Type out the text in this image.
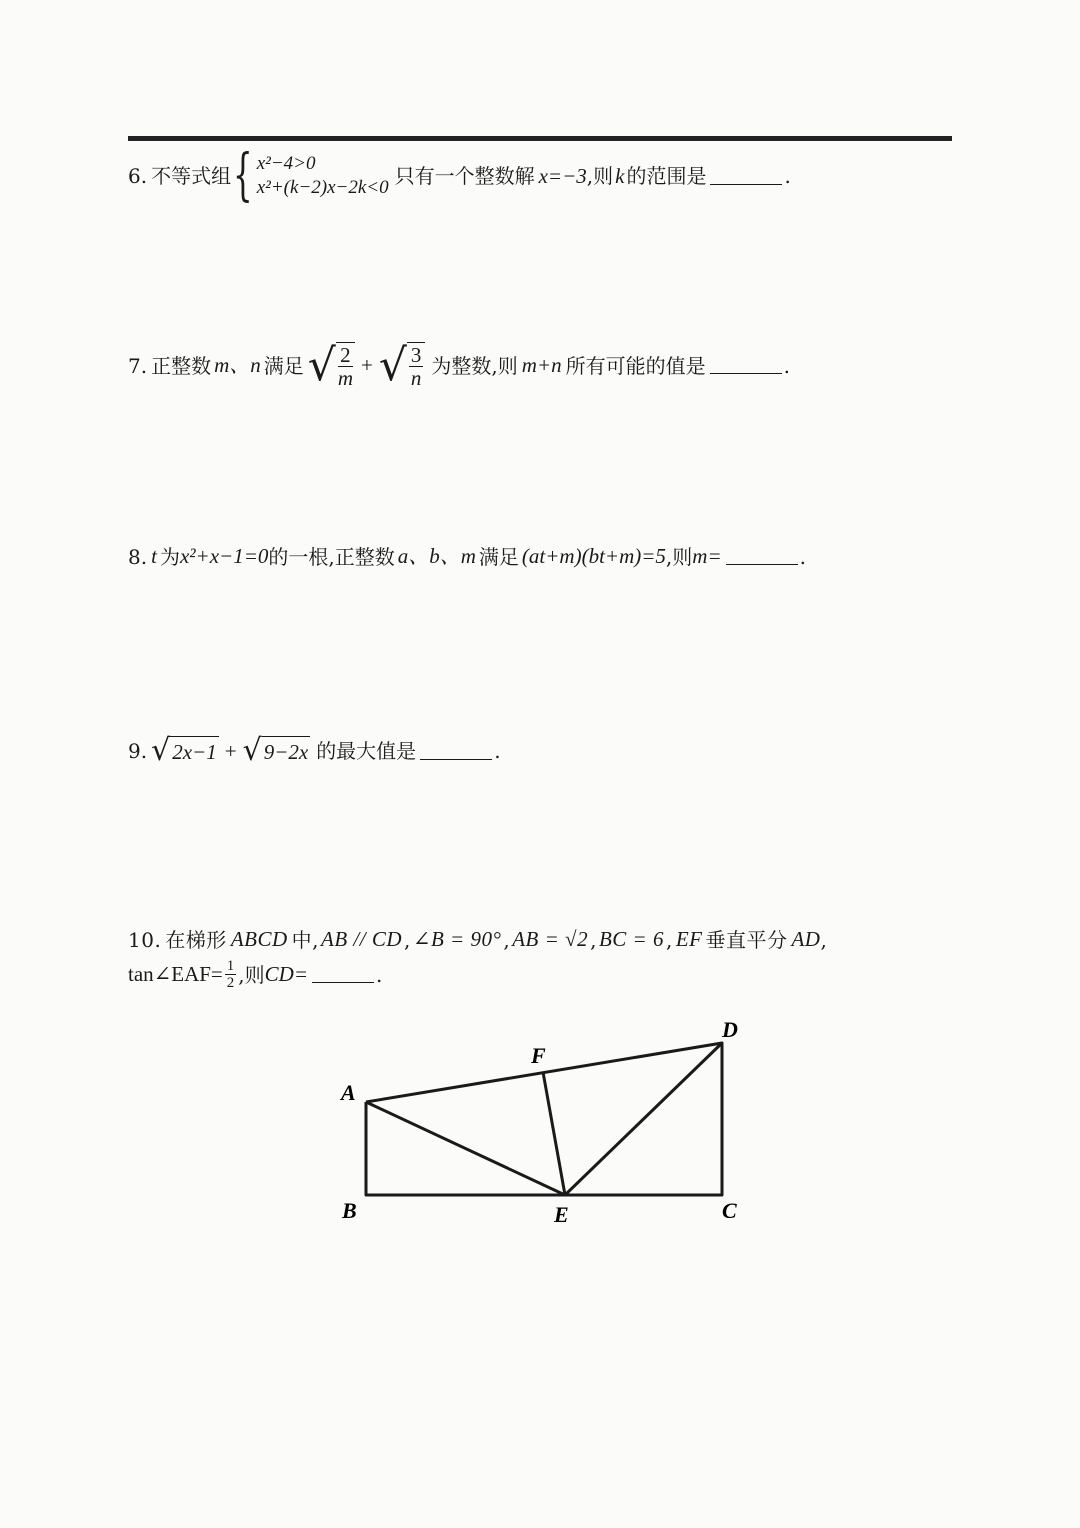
6. 不等式组 { x²−4>0
x²+(k−2)x−2k<0 只有一个整数解 x=−3 ,则 k 的范围是	.
7. 正整数 m、n 满足 √ $\frac{2}{m}$ + √ $\frac{3}{n}$ 为整数,则 m+n 所有可能的值是	.
8. t 为 x²+x−1=0 的一根,正整数 a、b、m 满足 (at+m)(bt+m)=5 ,则 m=	.
9. √ 2x−1 + √ 9−2x 的最大值是	.
10. 在梯形 ABCD 中, AB // CD , ∠B = 90° , AB = √2 , BC = 6 , EF 垂直平分 AD ,
tan∠EAF= $\frac{1}{2}$ ,则 CD=	.
A
B	C
D
E
F
